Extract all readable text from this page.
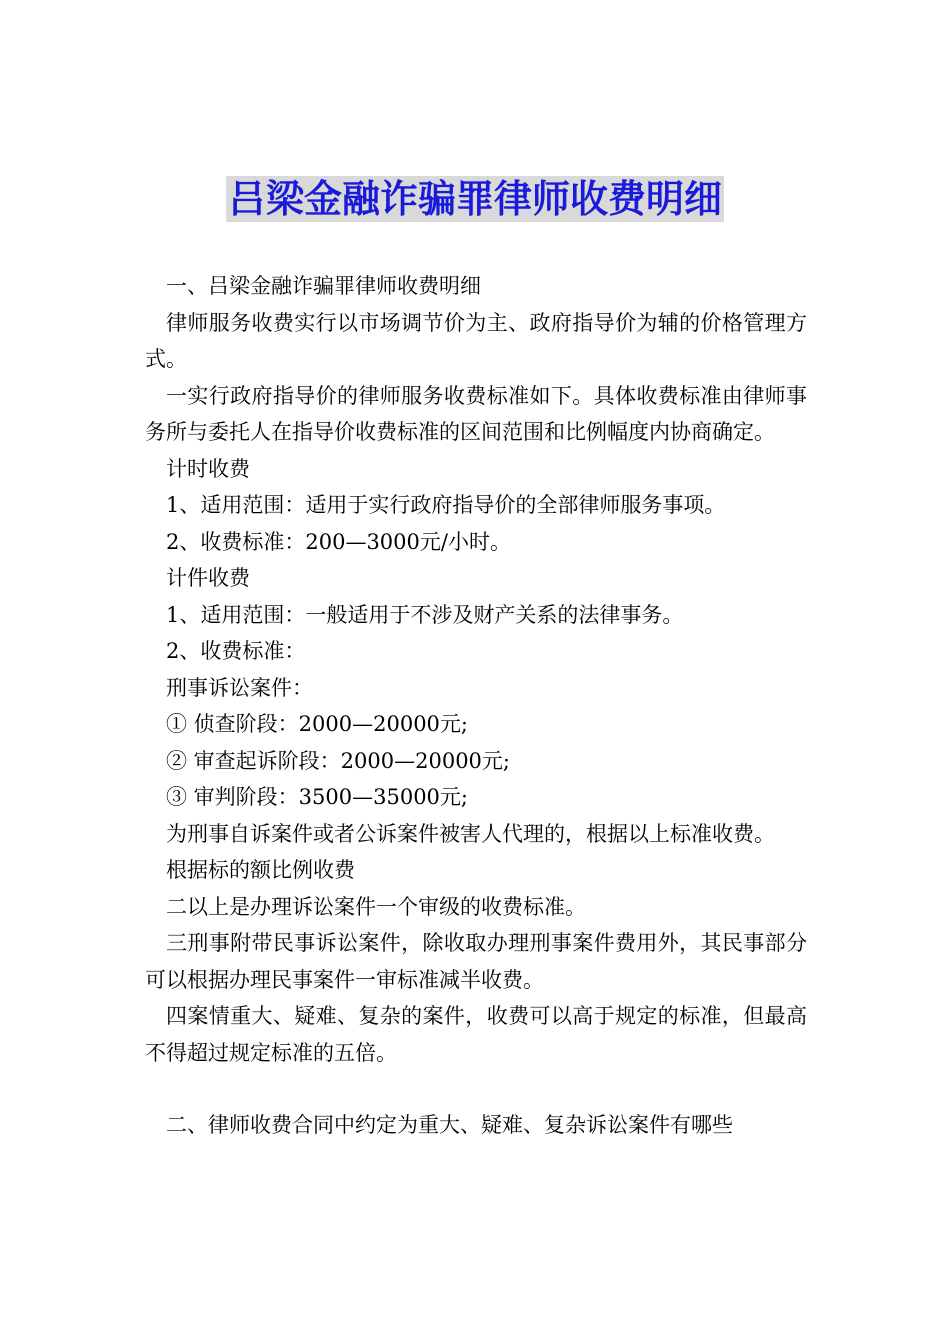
吕梁金融诈骗罪律师收费明细

一、吕梁金融诈骗罪律师收费明细

律师服务收费实行以市场调节价为主、政府指导价为辅的价格管理方式。

一实行政府指导价的律师服务收费标准如下。具体收费标准由律师事务所与委托人在指导价收费标准的区间范围和比例幅度内协商确定。

计时收费

1、适用范围：适用于实行政府指导价的全部律师服务事项。

2、收费标准：200—3000元/小时。

计件收费

1、适用范围：一般适用于不涉及财产关系的法律事务。

2、收费标准：

刑事诉讼案件：

① 侦查阶段：2000—20000元;

② 审查起诉阶段：2000—20000元;

③ 审判阶段：3500—35000元;

为刑事自诉案件或者公诉案件被害人代理的，根据以上标准收费。

根据标的额比例收费

二以上是办理诉讼案件一个审级的收费标准。

三刑事附带民事诉讼案件，除收取办理刑事案件费用外，其民事部分可以根据办理民事案件一审标准减半收费。

四案情重大、疑难、复杂的案件，收费可以高于规定的标准，但最高不得超过规定标准的五倍。

二、律师收费合同中约定为重大、疑难、复杂诉讼案件有哪些
